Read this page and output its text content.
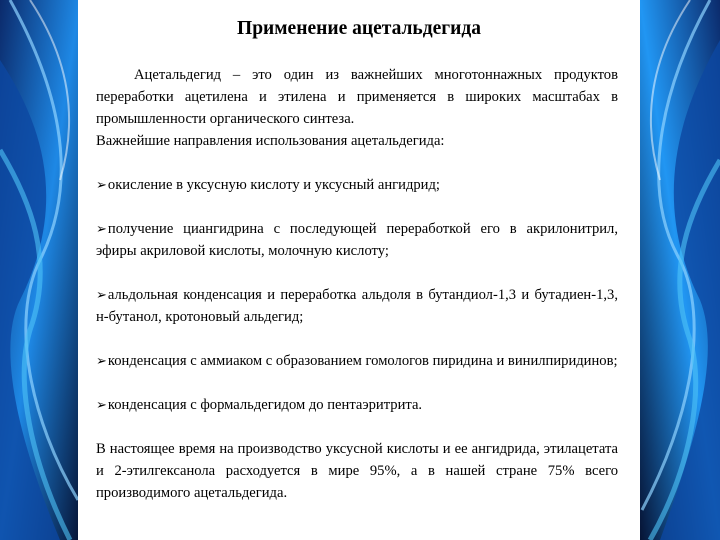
Применение ацетальдегида

Ацетальдегид – это один из важнейших многотоннажных продуктов переработки ацетилена и этилена и применяется в широких масштабах в промышленности органического синтеза.

Важнейшие направления использования ацетальдегида:

➢окисление в уксусную кислоту и уксусный ангидрид;

➢получение циангидрина с последующей переработкой его в акрилонитрил, эфиры акриловой кислоты, молочную кислоту;

➢альдольная конденсация и переработка альдоля в бутандиол-1,3 и бутадиен-1,3, н-бутанол, кротоновый альдегид;

➢конденсация с аммиаком с образованием гомологов пиридина и винилпиридинов;

➢конденсация с формальдегидом до пентаэритрита.

В настоящее время на производство уксусной кислоты и ее ангидрида, этилацетата и 2-этилгексанола расходуется в мире 95%, а в нашей стране 75% всего производимого ацетальдегида.
